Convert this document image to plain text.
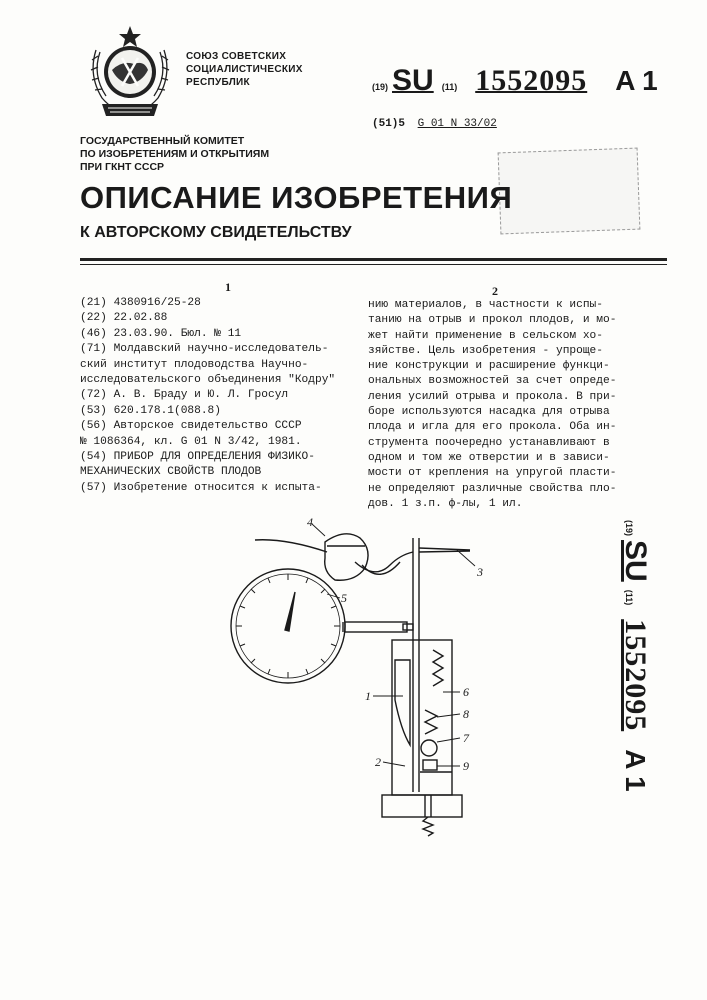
СОЮЗ СОВЕТСКИХ
СОЦИАЛИСТИЧЕСКИХ
РЕСПУБЛИК	(19) SU (11) 1552095 A 1
(51)5 G 01 N 33/02
ГОСУДАРСТВЕННЫЙ КОМИТЕТ
ПО ИЗОБРЕТЕНИЯМ И ОТКРЫТИЯМ
ПРИ ГКНТ СССР
ОПИСАНИЕ ИЗОБРЕТЕНИЯ
К АВТОРСКОМУ СВИДЕТЕЛЬСТВУ
1	2
(21) 4380916/25-28
(22) 22.02.88
(46) 23.03.90. Бюл. № 11
(71) Молдавский научно-исследователь-
ский институт плодоводства Научно-
исследовательского объединения "Кодру"
(72) А. В. Браду и Ю. Л. Гросул
(53) 620.178.1(088.8)
(56) Авторское свидетельство СССР
№ 1086364, кл. G 01 N 3/42, 1981.
(54) ПРИБОР ДЛЯ ОПРЕДЕЛЕНИЯ ФИЗИКО-
МЕХАНИЧЕСКИХ СВОЙСТВ ПЛОДОВ
(57) Изобретение относится к испыта-
нию материалов, в частности к испы-
танию на отрыв и прокол плодов, и мо-
жет найти применение в сельском хо-
зяйстве. Цель изобретения - упроще-
ние конструкции и расширение функци-
ональных возможностей за счет опреде-
ления усилий отрыва и прокола. В при-
боре используются насадка для отрыва
плода и игла для его прокола. Оба ин-
струмента поочередно устанавливают в
одном и том же отверстии и в зависи-
мости от крепления на упругой пласти-
не определяют различные свойства пло-
дов. 1 з.п. ф-лы, 1 ил.
1
2
3
4
5
6
7
8
9
(19) SU (11) 1552095 A 1
